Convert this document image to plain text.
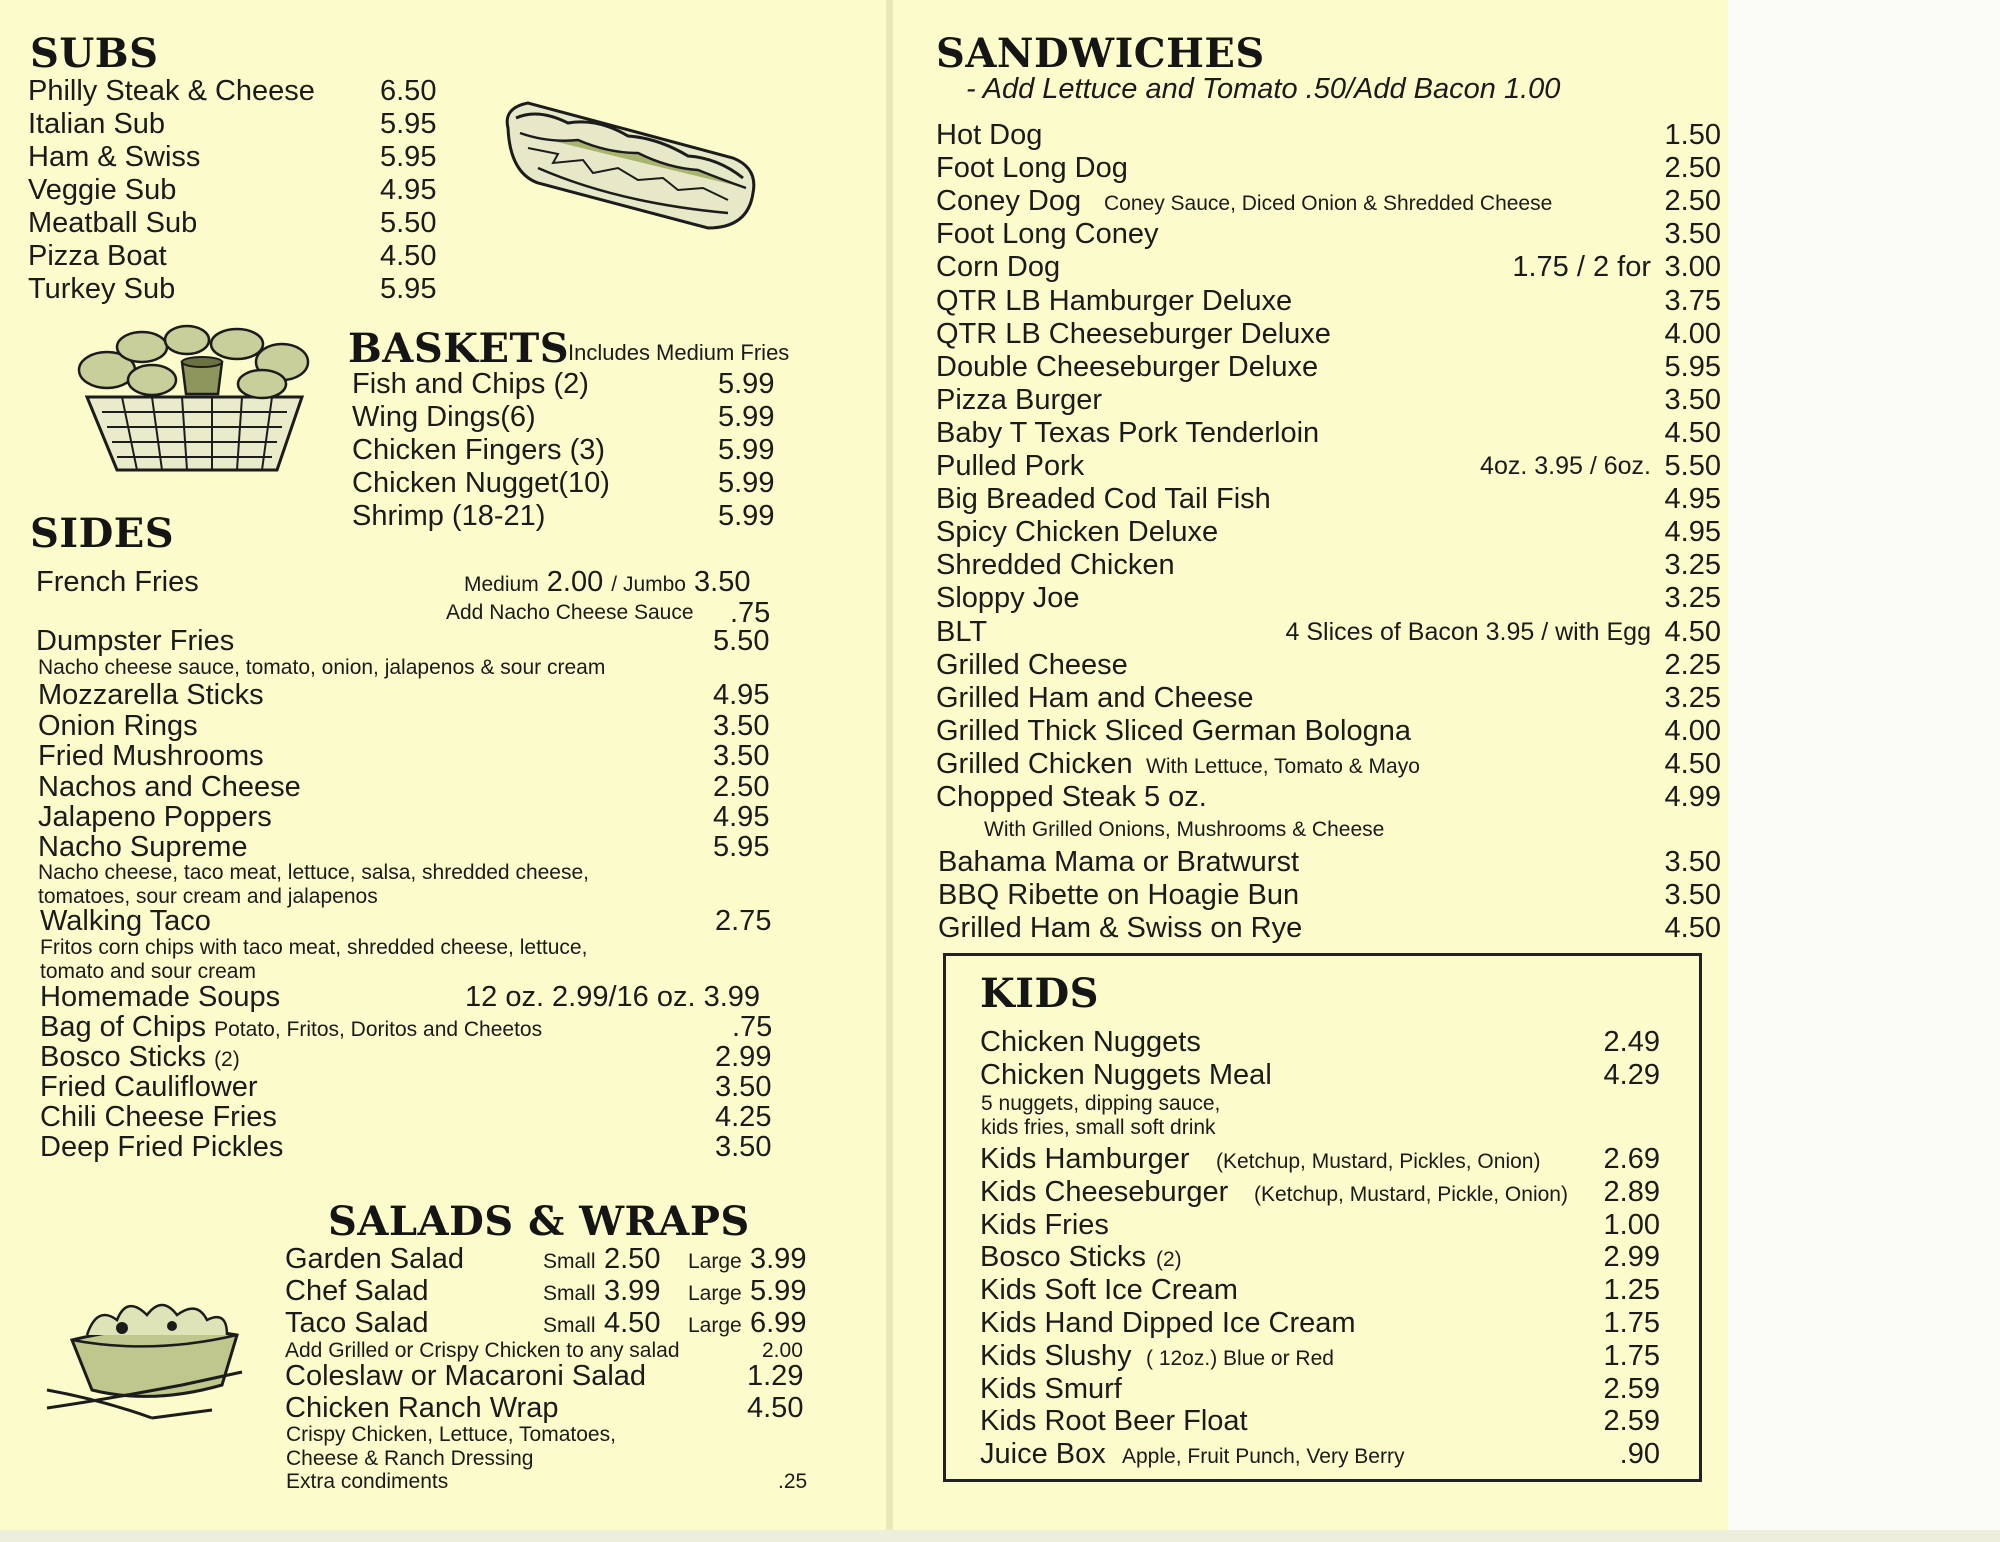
SUBS
Philly Steak & Cheese 6.50
Italian Sub	5.95
Ham & Swiss	5.95
Veggie Sub	4.95
Meatball Sub	5.50
Pizza Boat	4.50
Turkey Sub	5.95
BASKETS
Includes Medium Fries
Fish and Chips (2)	5.99
Wing Dings(6)	5.99
Chicken Fingers (3)	5.99
Chicken Nugget(10)	5.99
Shrimp (18-21)	5.99
SIDES
French Fries	Medium 2.00 / Jumbo 3.50
Add Nacho Cheese Sauce .75
Dumpster Fries	5.50
Nacho cheese sauce, tomato, onion, jalapenos & sour cream
Mozzarella Sticks	4.95
Onion Rings	3.50
Fried Mushrooms	3.50
Nachos and Cheese	2.50
Jalapeno Poppers	4.95
Nacho Supreme	5.95
Nacho cheese, taco meat, lettuce, salsa, shredded cheese,
tomatoes, sour cream and jalapenos
Walking Taco	2.75
Fritos corn chips with taco meat, shredded cheese, lettuce,
tomato and sour cream
Homemade Soups	12 oz. 2.99/16 oz. 3.99
Bag of Chips Potato, Fritos, Doritos and Cheetos	.75
Bosco Sticks (2)	2.99
Fried Cauliflower	3.50
Chili Cheese Fries	4.25
Deep Fried Pickles	3.50
SALADS & WRAPS
Garden Salad	Small 2.50 Large 3.99
Chef Salad	Small 3.99 Large 5.99
Taco Salad	Small 4.50 Large 6.99
Add Grilled or Crispy Chicken to any salad	2.00
Coleslaw or Macaroni Salad	1.29
Chicken Ranch Wrap	4.50
Crispy Chicken, Lettuce, Tomatoes,
Cheese & Ranch Dressing
Extra condiments	.25
SANDWICHES
- Add Lettuce and Tomato .50/Add Bacon 1.00
Hot Dog	1.50
Foot Long Dog	2.50
Coney Dog Coney Sauce, Diced Onion & Shredded Cheese	2.50
Foot Long Coney	3.50
Corn Dog	1.75 / 2 for 3.00
QTR LB Hamburger Deluxe	3.75
QTR LB Cheeseburger Deluxe	4.00
Double Cheeseburger Deluxe	5.95
Pizza Burger	3.50
Baby T Texas Pork Tenderloin	4.50
Pulled Pork	4oz. 3.95 / 6oz. 5.50
Big Breaded Cod Tail Fish	4.95
Spicy Chicken Deluxe	4.95
Shredded Chicken	3.25
Sloppy Joe	3.25
BLT	4 Slices of Bacon 3.95 / with Egg 4.50
Grilled Cheese	2.25
Grilled Ham and Cheese	3.25
Grilled Thick Sliced German Bologna	4.00
Grilled Chicken With Lettuce, Tomato & Mayo	4.50
Chopped Steak 5 oz.	4.99
With Grilled Onions, Mushrooms & Cheese
Bahama Mama or Bratwurst	3.50
BBQ Ribette on Hoagie Bun	3.50
Grilled Ham & Swiss on Rye	4.50
KIDS
Chicken Nuggets	2.49
Chicken Nuggets Meal	4.29
5 nuggets, dipping sauce,
kids fries, small soft drink
Kids Hamburger (Ketchup, Mustard, Pickles, Onion) 2.69
Kids Cheeseburger (Ketchup, Mustard, Pickle, Onion) 2.89
Kids Fries	1.00
Bosco Sticks (2)	2.99
Kids Soft Ice Cream	1.25
Kids Hand Dipped Ice Cream	1.75
Kids Slushy ( 12oz.) Blue or Red	1.75
Kids Smurf	2.59
Kids Root Beer Float	2.59
Juice Box Apple, Fruit Punch, Very Berry	.90
